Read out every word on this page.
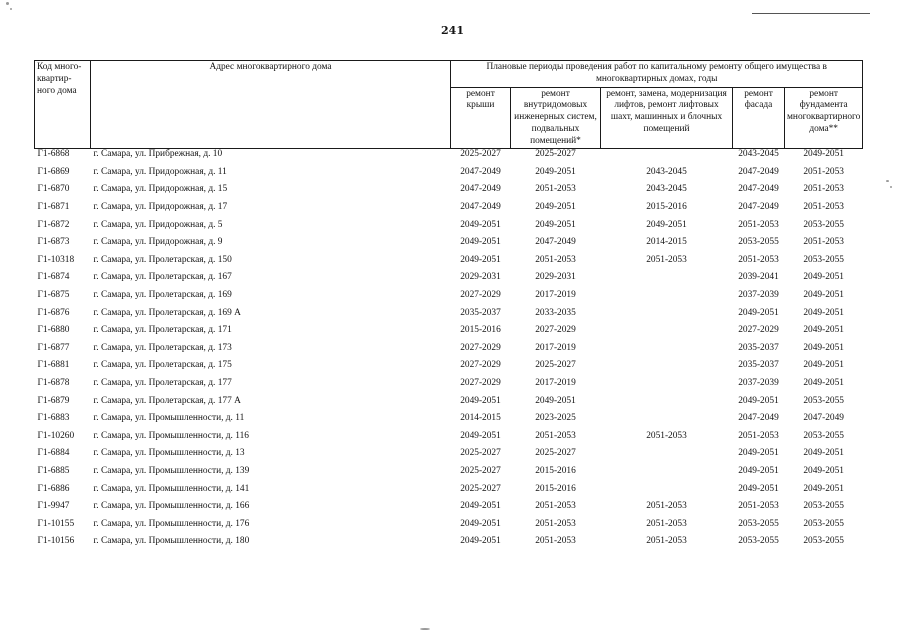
241
Код много-квартир-ного дома	Адрес многоквартирного дома	Плановые периоды проведения работ по капитальному ремонту общего имущества в многоквартирных домах, годы				
		ремонт крыши	ремонт внутридомовых инженерных систем, подвальных помещений*	ремонт, замена, модернизация лифтов, ремонт лифтовых шахт, машинных и блочных помещений	ремонт фасада	ремонт фундамента многоквартирного дома**
Г1-6868	г. Самара, ул. Прибрежная, д. 10	2025-2027	2025-2027		2043-2045	2049-2051
Г1-6869	г. Самара, ул. Придорожная, д. 11	2047-2049	2049-2051	2043-2045	2047-2049	2051-2053
Г1-6870	г. Самара, ул. Придорожная, д. 15	2047-2049	2051-2053	2043-2045	2047-2049	2051-2053
Г1-6871	г. Самара, ул. Придорожная, д. 17	2047-2049	2049-2051	2015-2016	2047-2049	2051-2053
Г1-6872	г. Самара, ул. Придорожная, д. 5	2049-2051	2049-2051	2049-2051	2051-2053	2053-2055
Г1-6873	г. Самара, ул. Придорожная, д. 9	2049-2051	2047-2049	2014-2015	2053-2055	2051-2053
Г1-10318	г. Самара, ул. Пролетарская, д. 150	2049-2051	2051-2053	2051-2053	2051-2053	2053-2055
Г1-6874	г. Самара, ул. Пролетарская, д. 167	2029-2031	2029-2031		2039-2041	2049-2051
Г1-6875	г. Самара, ул. Пролетарская, д. 169	2027-2029	2017-2019		2037-2039	2049-2051
Г1-6876	г. Самара, ул. Пролетарская, д. 169 А	2035-2037	2033-2035		2049-2051	2049-2051
Г1-6880	г. Самара, ул. Пролетарская, д. 171	2015-2016	2027-2029		2027-2029	2049-2051
Г1-6877	г. Самара, ул. Пролетарская, д. 173	2027-2029	2017-2019		2035-2037	2049-2051
Г1-6881	г. Самара, ул. Пролетарская, д. 175	2027-2029	2025-2027		2035-2037	2049-2051
Г1-6878	г. Самара, ул. Пролетарская, д. 177	2027-2029	2017-2019		2037-2039	2049-2051
Г1-6879	г. Самара, ул. Пролетарская, д. 177 А	2049-2051	2049-2051		2049-2051	2053-2055
Г1-6883	г. Самара, ул. Промышленности, д. 11	2014-2015	2023-2025		2047-2049	2047-2049
Г1-10260	г. Самара, ул. Промышленности, д. 116	2049-2051	2051-2053	2051-2053	2051-2053	2053-2055
Г1-6884	г. Самара, ул. Промышленности, д. 13	2025-2027	2025-2027		2049-2051	2049-2051
Г1-6885	г. Самара, ул. Промышленности, д. 139	2025-2027	2015-2016		2049-2051	2049-2051
Г1-6886	г. Самара, ул. Промышленности, д. 141	2025-2027	2015-2016		2049-2051	2049-2051
Г1-9947	г. Самара, ул. Промышленности, д. 166	2049-2051	2051-2053	2051-2053	2051-2053	2053-2055
Г1-10155	г. Самара, ул. Промышленности, д. 176	2049-2051	2051-2053	2051-2053	2053-2055	2053-2055
Г1-10156	г. Самара, ул. Промышленности, д. 180	2049-2051	2051-2053	2051-2053	2053-2055	2053-2055
